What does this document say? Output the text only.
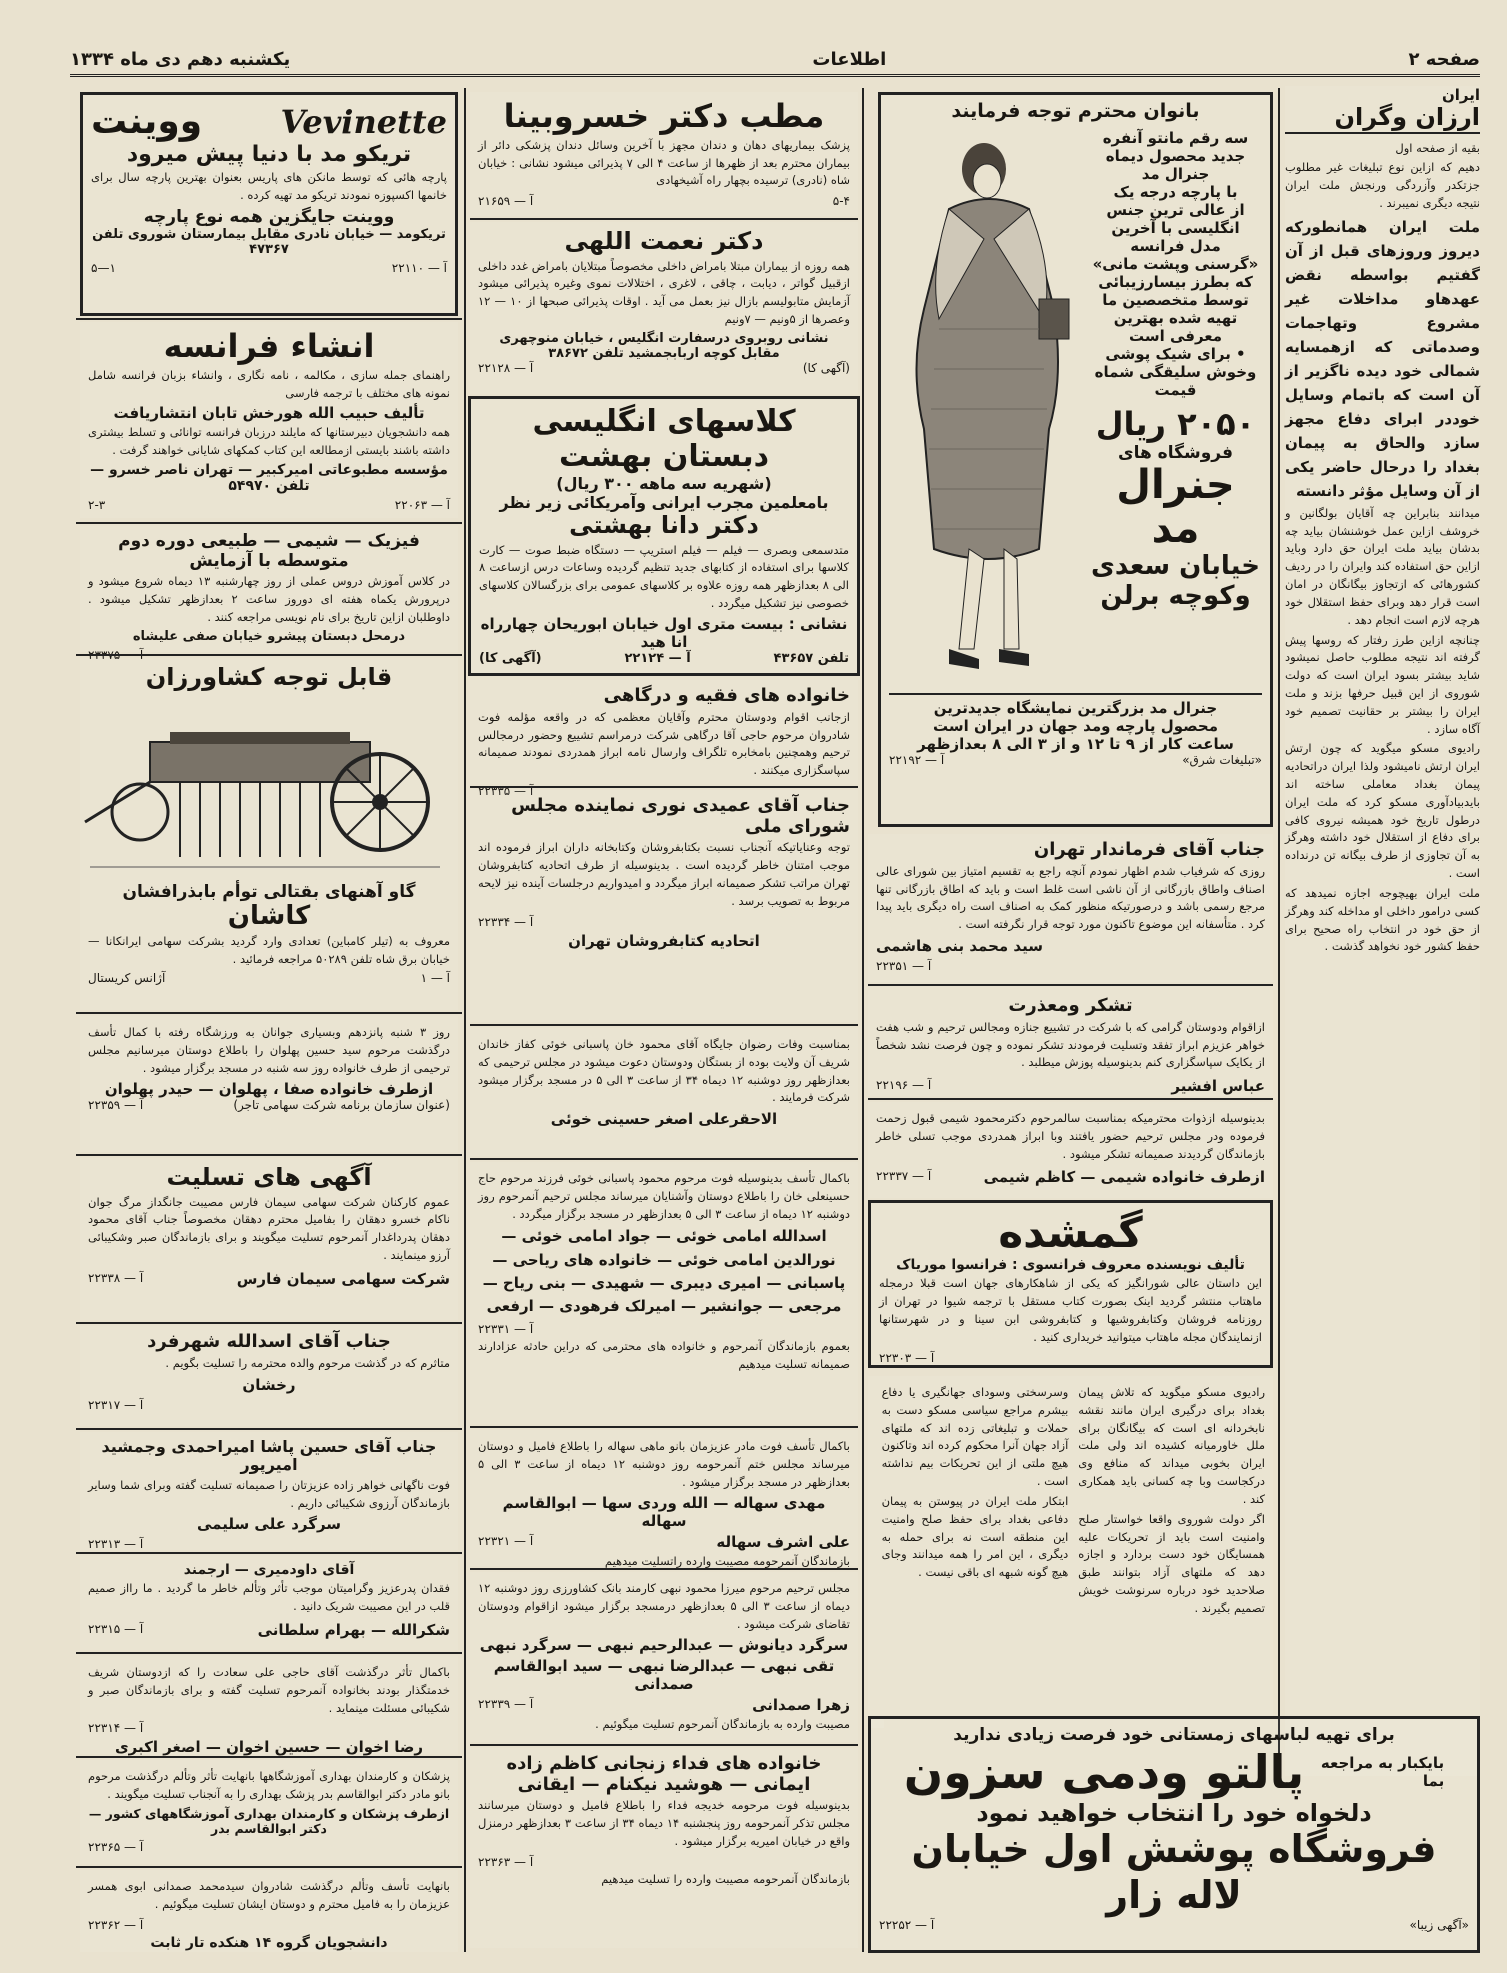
صفحه ۲
اطلاعات
یکشنبه دهم دی ماه ۱۳۳۴
ایران
ارزان وگران

بقیه از صفحه اول

دهیم که ازاین نوع تبلیغات غیر مطلوب جزتکدر وآزردگی ورنجش ملت ایران نتیجه دیگری نمیبرند .

ملت ایران همانطورکه دیروز وروزهای قبل از آن گفتیم بواسطه نقض عهدهاو مداخلات غیر مشروع وتهاجمات وصدماتی که ازهمسایه شمالی خود دیده ناگزیر از آن است که باتمام وسایل خوددر ابرای دفاع مجهز سازد والحاق به پیمان بغداد را درحال حاضر یکی از آن وسایل مؤثر دانسته

میدانند بنابراین چه آقایان بولگانین و خروشف ازاین عمل خوشنشان بیاید چه بدشان بیاید ملت ایران حق دارد وباید ازاین حق استفاده کند وایران را در ردیف کشورهائی که ازتجاوز بیگانگان در امان است قرار دهد وبرای حفظ استقلال خود هرچه لازم است انجام دهد .

چنانچه ازاین طرز رفتار که روسها پیش گرفته اند نتیجه مطلوب حاصل نمیشود شاید بیشتر بسود ایران است که دولت شوروی از این قبیل حرفها بزند و ملت ایران را بیشتر بر حقانیت تصمیم خود آگاه سازد .

راديوی مسکو میگوید که چون ارتش ايران ارتش نامیشود ولذا ایران دراتحادیه پیمان بغداد معاملی ساخته اند بایدبیادآوری مسکو کرد که ملت ایران درطول تاریخ خود همیشه نیروی کافی برای دفاع از استقلال خود داشته وهرگز به آن تجاوزی از طرف بیگانه تن درنداده است .

ملت ایران بهیچوجه اجازه نمیدهد که کسی درامور داخلی او مداخله کند وهرگز از حق خود در انتخاب راه صحیح برای حفظ کشور خود نخواهد گذشت .

بانوان محترم توجه فرمايند
سه رقم مانتو آنفره
جدید محصول دیماه
جنرال مد
با پارچه درجه یک
از عالی ترین جنس
انگلیسی با آخرین
مدل فرانسه
«گرسنی وپشت مانی»
که بطرز بیسارزیبائی
توسط متخصصین ما
تهیه شده بهترین
معرفی است
• برای شیک پوشی
وخوش سلیقگی شماه
قیمت
۲۰۵۰ ریال
فروشگاه های
جنرال مد
خیابان سعدی
وکوچه برلن
جنرال مد بزرگترین نمایشگاه جدیدترین
محصول پارچه ومد جهان در ایران است
ساعت کار از ۹ تا ۱۲ و از ۳ الی ۸ بعدازظهر
«تبلیغات شرق»
آ — ۲۲۱۹۲
جناب آقای فرماندار تهران

روزی که شرفیاب شدم اظهار نمودم آنچه راجع به تقسیم امتیاز بین شورای عالی اصناف واطاق بازرگانی از آن ناشی است غلط است و باید که اطاق بازرگانی تنها مرجع رسمی باشد و درصورتیکه منظور کمک به اصناف است راه دیگری باید پیدا کرد . متأسفانه این موضوع تاکنون مورد توجه قرار نگرفته است .

سید محمد بنی هاشمی
آ — ۲۲۳۵۱
تشکر ومعذرت

ازاقوام ودوستان گرامی که با شرکت در تشییع جنازه ومجالس ترحیم و شب هفت خواهر عزیزم ابراز تفقد وتسلیت فرمودند تشکر نموده و چون فرصت نشد شخصاً از یکایک سپاسگزاری کنم بدینوسیله پوزش میطلبد .

عباس افشیر
آ — ۲۲۱۹۶

بدینوسیله ازذوات محترمیکه بمناسبت سالمرحوم دکترمحمود شیمی قبول زحمت فرموده ودر مجلس ترحیم حضور یافتند وبا ابراز همدردی موجب تسلی خاطر بازماندگان گردیدند صمیمانه تشکر میشود .

ازطرف خانواده شیمی — کاظم شیمی
آ — ۲۲۳۳۷
گمشده
تألیف نویسنده معروف فرانسوی : فرانسوا موریاک

این داستان عالی شورانگیز که یکی از شاهکارهای جهان است قبلا درمجله ماهتاب منتشر گردید اینک بصورت کتاب مستقل با ترجمه شیوا در تهران از روزنامه فروشان وکتابفروشیها و کتابفروشی ابن سینا و در شهرستانها ازنمایندگان مجله ماهتاب میتوانید خریداری کنید .

آ — ۲۲۳۰۳

راديوی مسکو میگوید که تلاش پیمان بغداد برای درگیری ایران مانند نقشه نابخردانه ای است که بیگانگان برای ملل خاورمیانه کشیده اند ولی ملت ایران بخوبی میداند که منافع وی درکجاست وبا چه کسانی باید همکاری کند .

اگر دولت شوروی واقعا خواستار صلح وامنیت است باید از تحریکات علیه همسایگان خود دست بردارد و اجازه دهد که ملتهای آزاد بتوانند طبق صلاحدید خود درباره سرنوشت خویش تصمیم بگیرند .

وسرسختی وسودای جهانگیری یا دفاع بیشرم مراجع سیاسی مسکو دست به حملات و تبلیغاتی زده اند که ملتهای آزاد جهان آنرا محکوم کرده اند وتاکنون هیچ ملتی از این تحریکات بیم نداشته است .

ابتکار ملت ایران در پیوستن به پیمان دفاعی بغداد برای حفظ صلح وامنیت این منطقه است نه برای حمله به دیگری ، این امر را همه میدانند وجای هیچ گونه شبهه ای باقی نیست .

برای تهیه لباسهای زمستانی خود فرصت زیادی ندارید
بایکبار به مراجعه بما
پالتو ودمی سزون
دلخواه خود را انتخاب خواهید نمود
فروشگاه پوشش اول خیابان لاله زار
«آگهی زیبا»
آ — ۲۲۲۵۲
مطب دکتر خسروبینا

پزشک بیماریهای دهان و دندان مجهز با آخرین وسائل دندان پزشکی دائر از بیماران محترم بعد از ظهرها از ساعت ۴ الی ۷ پذیرائی میشود نشانی : خیابان شاه (نادری) ترسیده بچهار راه آشیخهادی

آ — ۲۱۶۵۹	۵-۴
دکتر نعمت اللهی

همه روزه از بیماران مبتلا بامراض داخلی مخصوصاً مبتلایان بامراض غدد داخلی ازقبیل گواتر ، دیابت ، چاقی ، لاغری ، اختلالات نموی وغیره پذیرائی میشود آزمایش متابولیسم بازال نیز بعمل می آید . اوقات پذیرائی صبحها از ۱۰ — ۱۲ وعصرها از ۵ونیم — ۷ونیم

نشانی روبروی درسفارت انگلیس ، خیابان منوچهری
مقابل کوچه اربابجمشید تلفن ۳۸۶۷۲
(آگهی کا)
آ — ۲۲۱۲۸
کلاسهای انگلیسی دبستان بهشت
(شهریه سه ماهه ۳۰۰ ریال)
بامعلمین مجرب ایرانی وآمریکائی زیر نظر
دکتر دانا بهشتی

متدسمعی وبصری — فیلم — فیلم استریپ — دستگاه ضبط صوت — کارت کلاسها برای استفاده از کتابهای جدید تنظیم گردیده وساعات درس ازساعت ۸ الی ۸ بعدازظهر همه روزه علاوه بر کلاسهای عمومی برای بزرگسالان کلاسهای خصوصی نیز تشکیل میگردد .

نشانی : بیست متری اول خیابان ابوریحان چهارراه انا هید
تلفن ۴۳۶۵۷
آ — ۲۲۱۲۴
(آگهی کا)
خانواده های فقیه و درگاهی

ازجانب اقوام ودوستان محترم وآقایان معظمی که در واقعه مؤلمه فوت شادروان مرحوم حاجی آقا درگاهی شرکت درمراسم تشییع وحضور درمجالس ترحیم وهمچنین بامخابره تلگراف وارسال نامه ابراز همدردی نمودند صمیمانه سپاسگزاری میکنند .

آ — ۲۲۳۳۵
جناب آقای عمیدی نوری نماینده مجلس شورای ملی

توجه وعنایاتیکه آنجناب نسبت بکتابفروشان وکتابخانه داران ابراز فرموده اند موجب امتنان خاطر گردیده است . بدینوسیله از طرف اتحادیه کتابفروشان تهران مراتب تشکر صمیمانه ابراز میگردد و امیدواریم درجلسات آینده نیز لایحه مربوط به تصویب برسد .

آ — ۲۲۳۳۴
اتحادیه کتابفروشان تهران

بمناسبت وفات رضوان جایگاه آقای محمود خان پاسبانی خوئی کفاز خاندان شریف آن ولایت بوده از بستگان ودوستان دعوت میشود در مجلس ترحیمی که بعدازظهر روز دوشنبه ۱۲ دیماه ۳۴ از ساعت ۳ الی ۵ در مسجد برگزار میشود شرکت فرمایند .

الاحقرعلی اصغر حسینی خوئی

باکمال تأسف بدینوسیله فوت مرحوم محمود پاسبانی خوئی فرزند مرحوم حاج حسینعلی خان را باطلاع دوستان وآشنایان میرساند مجلس ترحیم آنمرحوم روز دوشنبه ۱۲ دیماه از ساعت ۳ الی ۵ بعدازظهر در مسجد برگزار میگردد .

اسدالله امامی خوئی — جواد امامی خوئی — نورالدین امامی خوئی — خانواده های ریاحی — پاسبانی — امیری دیبری — شهیدی — بنی ریاح — مرجعی — جوانشیر — امیرلک فرهودی — ارفعی
آ — ۲۲۳۳۱

بعموم بازماندگان آنمرحوم و خانواده های محترمی که دراین حادثه عزادارند صمیمانه تسلیت میدهیم

باکمال تأسف فوت مادر عزیزمان بانو ماهی سهاله را باطلاع فامیل و دوستان میرساند مجلس ختم آنمرحومه روز دوشنبه ۱۲ دیماه از ساعت ۳ الی ۵ بعدازظهر در مسجد برگزار میشود .

مهدی سهاله — الله وردی سها — ابوالقاسم سهاله
علی اشرف سهاله
آ — ۲۲۳۲۱

بازماندگان آنمرحومه مصیبت وارده راتسلیت میدهیم

مجلس ترحیم مرحوم میرزا محمود نبهی کارمند بانک کشاورزی روز دوشنبه ۱۲ دیماه از ساعت ۳ الی ۵ بعدازظهر درمسجد برگزار میشود ازاقوام ودوستان تقاضای شرکت میشود .

سرگرد دیانوش — عبدالرحیم نبهی — سرگرد نبهی
تقی نبهی — عبدالرضا نبهی — سید ابوالقاسم صمدانی
زهرا صمدانی
آ — ۲۲۳۳۹

مصیبت وارده به بازماندگان آنمرحوم تسلیت میگوئیم .

خانواده های فداء زنجانی کاظم زاده ایمانی — هوشید نیکنام — ایقانی

بدینوسیله فوت مرحومه خدیجه فداء را باطلاع فامیل و دوستان میرسانند مجلس تذکر آنمرحومه روز پنجشنبه ۱۴ دیماه ۳۴ از ساعت ۳ بعدازظهر درمنزل واقع در خیابان امیریه برگزار میشود .

آ — ۲۲۳۶۳

بازماندگان آنمرحومه مصیبت وارده را تسلیت میدهیم

Vevinette
ووینت
تریکو مد با دنیا پیش میرود

پارچه هائی که توسط مانکن های پاریس بعنوان بهترین پارچه سال برای خانمها اکسپوزه نمودند تریکو مد تهیه کرده .

ووینت جایگزین همه نوع پارچه
تریکومد — خیابان نادری مقابل بیمارستان شوروی تلفن ۴۷۳۶۷
۵—۱	آ — ۲۲۱۱۰
انشاء فرانسه

راهنمای جمله سازی ، مکالمه ، نامه نگاری ، وانشاء بزبان فرانسه شامل نمونه های مختلف با ترجمه فارسی

تألیف حبیب الله هورخش تابان انتشاریافت

همه دانشجویان دبیرستانها که مایلند درزبان فرانسه توانائی و تسلط بیشتری داشته باشند بایستی ازمطالعه این کتاب کمکهای شایانی خواهند گرفت .

مؤسسه مطبوعاتی امیرکبیر — تهران ناصر خسرو — تلفن ۵۴۹۷۰
۲-۳	آ — ۲۲۰۶۳
فیزیک — شیمی — طبیعی دوره دوم متوسطه با آزمایش

در کلاس آموزش دروس عملی از روز چهارشنبه ۱۳ دیماه شروع میشود و درپرورش یکماه هفته ای دوروز ساعت ۲ بعدازظهر تشکیل میشود . داوطلبان ازاین تاریخ برای نام نویسی مراجعه کنند .

درمحل دبستان پیشرو خیابان صفی علیشاه
آ — ۲۳۳۷۵
قابل توجه کشاورزان
گاو آهنهای بقتالی توأم بابذرافشان
کاشان

معروف به (تیلر کامباین) تعدادی وارد گردید بشرکت سهامی ایرانکانا — خیابان برق شاه تلفن ۵۰۲۸۹ مراجعه فرمائید .

آ — ۱
آژانس کریستال

روز ۳ شنبه پانزدهم وبسیاری جوانان به ورزشگاه رفته با کمال تأسف درگذشت مرحوم سید حسین پهلوان را باطلاع دوستان میرسانیم مجلس ترحیمی از طرف خانواده روز سه شنبه در مسجد برگزار میشود .

ازطرف خانواده صفا ، پهلوان — حیدر پهلوان
(عنوان سازمان برنامه شرکت سهامی تاجر)
آ — ۲۲۳۵۹
آگهی های تسلیت

عموم کارکنان شرکت سهامی سیمان فارس مصیبت جانگداز مرگ جوان ناکام خسرو دهقان را بفامیل محترم دهقان مخصوصاً جناب آقای محمود دهقان پدرداغدار آنمرحوم تسلیت میگویند و برای بازماندگان صبر وشکیبائی آرزو مینمایند .

شرکت سهامی سیمان فارس
آ — ۲۲۳۳۸
جناب آقای اسدالله شهرفرد

متاثرم که در گذشت مرحوم والده محترمه را تسلیت بگویم .

رخشان
آ — ۲۲۳۱۷
جناب آقای حسین پاشا امیراحمدی وجمشید امیرپور

فوت ناگهانی خواهر زاده عزیزتان را صمیمانه تسلیت گفته وبرای شما وسایر بازماندگان آرزوی شکیبائی داریم .

سرگرد علی سلیمی
آ — ۲۲۳۱۳
آقای داودمیری — ارجمند

فقدان پدرعزیز وگرامیتان موجب تأثر وتألم خاطر ما گردید . ما رااز صمیم قلب در این مصیبت شریک دانید .

شکرالله — بهرام سلطانی
آ — ۲۲۳۱۵

باکمال تأثر درگذشت آقای حاجی علی سعادت را که ازدوستان شریف خدمتگذار بودند بخانواده آنمرحوم تسلیت گفته و برای بازماندگان صبر و شکیبائی مسئلت مینماید .

آ — ۲۲۳۱۴
رضا اخوان — حسین اخوان — اصغر اکبری

پزشکان و کارمندان بهداری آموزشگاهها بانهایت تأثر وتألم درگذشت مرحوم بانو مادر دکتر ابوالقاسم بدر پزشک بهداری را به آنجناب تسلیت میگویند .

ازطرف پزشکان و کارمندان بهداری آموزشگاههای کشور — دکتر ابوالقاسم بدر
آ — ۲۲۳۶۵

بانهایت تأسف وتألم درگذشت شادروان سیدمحمد صمدانی ابوی همسر عزیزمان را به فامیل محترم و دوستان ایشان تسلیت میگوئیم .

آ — ۲۲۳۶۲
دانشجویان گروه ۱۴ هنکده تار ثابت
